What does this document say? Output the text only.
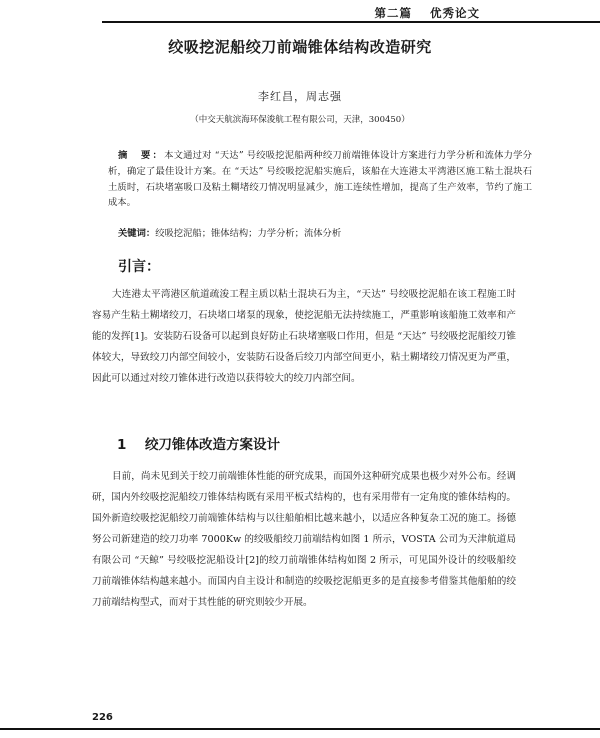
第二篇 优秀论文
绞吸挖泥船绞刀前端锥体结构改造研究
李红昌，周志强
（中交天航滨海环保浚航工程有限公司，天津，300450）

摘　要：本文通过对 “天达” 号绞吸挖泥船两种绞刀前端锥体设计方案进行力学分析和流体力学分析，确定了最佳设计方案。在 “天达” 号绞吸挖泥船实施后，该船在大连港太平湾港区施工粘土混块石土质时，石块堵塞吸口及粘土糊堵绞刀情况明显减少，施工连续性增加，提高了生产效率，节约了施工成本。

关键词：绞吸挖泥船；锥体结构；力学分析；流体分析
引言：

大连港太平湾港区航道疏浚工程主质以粘土混块石为主，“天达” 号绞吸挖泥船在该工程施工时容易产生粘土糊堵绞刀，石块堵口堵泵的现象，使挖泥船无法持续施工，严重影响该船施工效率和产能的发挥[1]。安装防石设备可以起到良好防止石块堵塞吸口作用，但是 “天达” 号绞吸挖泥船绞刀锥体较大，导致绞刀内部空间较小，安装防石设备后绞刀内部空间更小，粘土糊堵绞刀情况更为严重，因此可以通过对绞刀锥体进行改造以获得较大的绞刀内部空间。

1 绞刀锥体改造方案设计

目前，尚未见到关于绞刀前端锥体性能的研究成果，而国外这种研究成果也极少对外公布。经调研，国内外绞吸挖泥船绞刀锥体结构既有采用平板式结构的，也有采用带有一定角度的锥体结构的。国外新造绞吸挖泥船绞刀前端锥体结构与以往船舶相比越来越小，以适应各种复杂工况的施工。扬德努公司新建造的绞刀功率 7000Kw 的绞吸船绞刀前端结构如图 1 所示，VOSTA 公司为天津航道局有限公司 “天鲸” 号绞吸挖泥船设计[2]的绞刀前端锥体结构如图 2 所示，可见国外设计的绞吸船绞刀前端锥体结构越来越小。而国内自主设计和制造的绞吸挖泥船更多的是直接参考借鉴其他船舶的绞刀前端结构型式，而对于其性能的研究则较少开展。

226
